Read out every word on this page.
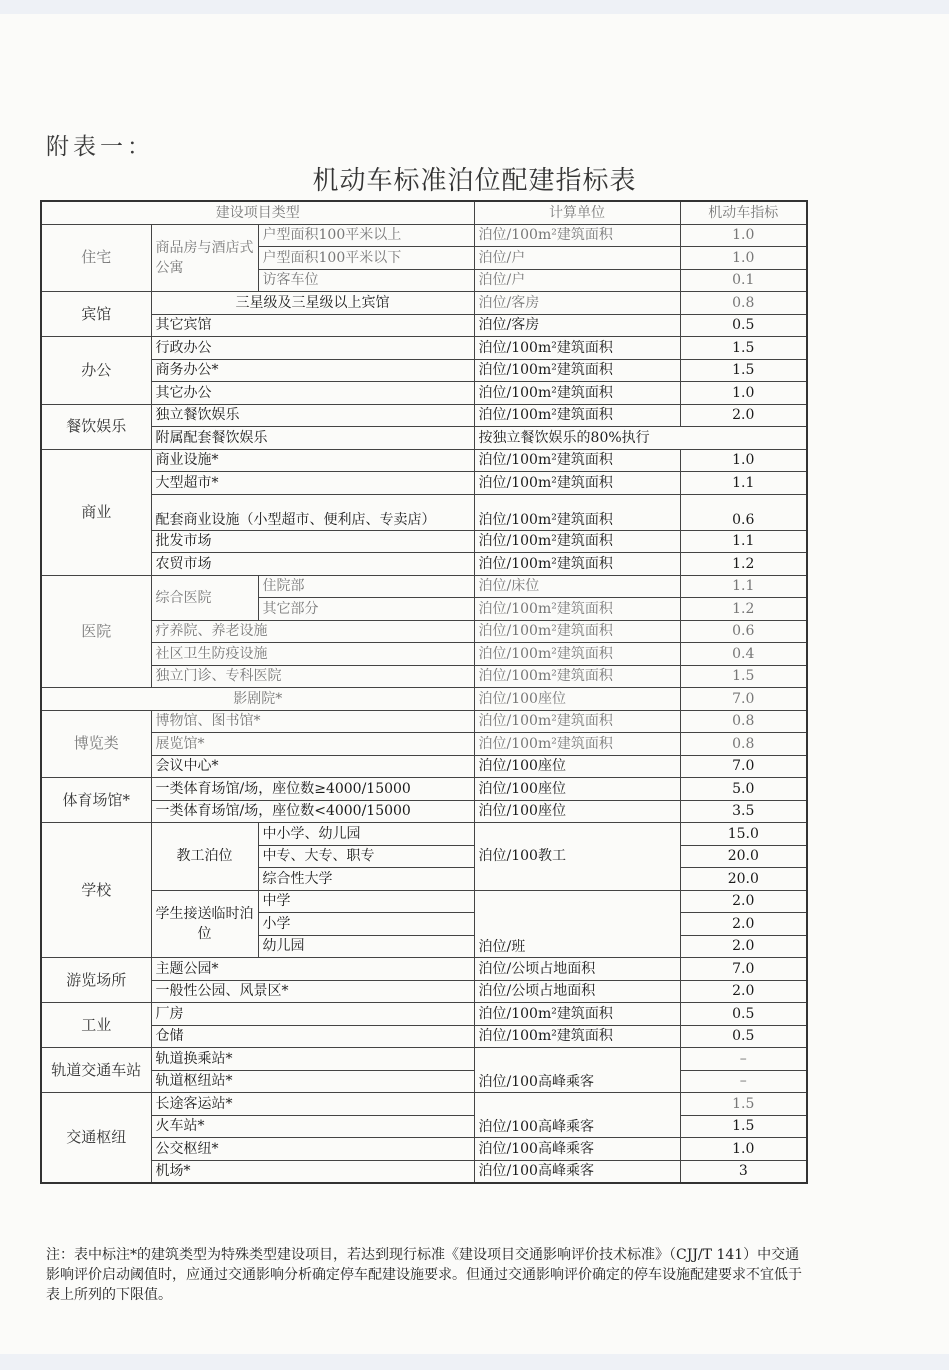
附表一：
机动车标准泊位配建指标表
建设项目类型			计算单位	机动车指标
住宅	商品房与酒店式公寓	户型面积100平米以上	泊位/100m²建筑面积	1.0
		户型面积100平米以下	泊位/户	1.0
		访客车位	泊位/户	0.1
宾馆	三星级及三星级以上宾馆		泊位/客房	0.8
	其它宾馆		泊位/客房	0.5
办公	行政办公		泊位/100m²建筑面积	1.5
	商务办公*		泊位/100m²建筑面积	1.5
	其它办公		泊位/100m²建筑面积	1.0
餐饮娱乐	独立餐饮娱乐		泊位/100m²建筑面积	2.0
	附属配套餐饮娱乐		按独立餐饮娱乐的80%执行	
商业	商业设施*		泊位/100m²建筑面积	1.0
	大型超市*		泊位/100m²建筑面积	1.1
	配套商业设施（小型超市、便利店、专卖店）		泊位/100m²建筑面积	0.6
	批发市场		泊位/100m²建筑面积	1.1
	农贸市场		泊位/100m²建筑面积	1.2
医院	综合医院	住院部	泊位/床位	1.1
		其它部分	泊位/100m²建筑面积	1.2
	疗养院、养老设施		泊位/100m²建筑面积	0.6
	社区卫生防疫设施		泊位/100m²建筑面积	0.4
	独立门诊、专科医院		泊位/100m²建筑面积	1.5
影剧院*			泊位/100座位	7.0
博览类	博物馆、图书馆*		泊位/100m²建筑面积	0.8
	展览馆*		泊位/100m²建筑面积	0.8
	会议中心*		泊位/100座位	7.0
体育场馆*	一类体育场馆/场，座位数≥4000/15000		泊位/100座位	5.0
	一类体育场馆/场，座位数<4000/15000		泊位/100座位	3.5
学校	教工泊位	中小学、幼儿园	泊位/100教工	15.0
		中专、大专、职专		20.0
		综合性大学		20.0
	学生接送临时泊位	中学	泊位/班	2.0
		小学		2.0
		幼儿园		2.0
游览场所	主题公园*		泊位/公顷占地面积	7.0
	一般性公园、风景区*		泊位/公顷占地面积	2.0
工业	厂房		泊位/100m²建筑面积	0.5
	仓储		泊位/100m²建筑面积	0.5
轨道交通车站	轨道换乘站*		泊位/100高峰乘客	–
	轨道枢纽站*			–
交通枢纽	长途客运站*		泊位/100高峰乘客	1.5
	火车站*			1.5
	公交枢纽*		泊位/100高峰乘客	1.0
	机场*		泊位/100高峰乘客	3
注：表中标注*的建筑类型为特殊类型建设项目，若达到现行标准《建设项目交通影响评价技术标准》（CJJ/T 141）中交通影响评价启动阈值时，应通过交通影响分析确定停车配建设施要求。但通过交通影响评价确定的停车设施配建要求不宜低于表上所列的下限值。
